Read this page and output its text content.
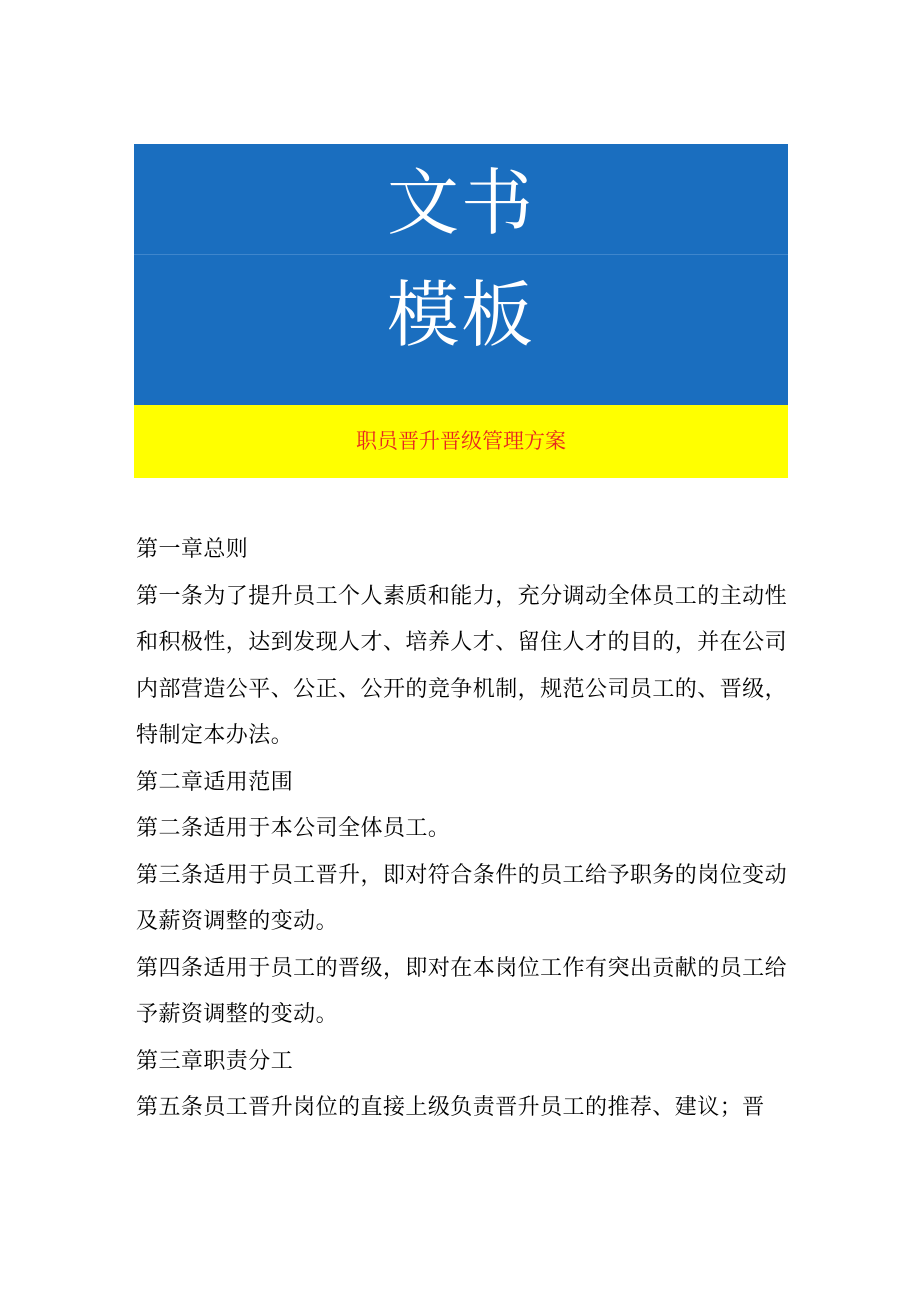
文书
模板
职员晋升晋级管理方案

第一章总则

第一条为了提升员工个人素质和能力，充分调动全体员工的主动性和积极性，达到发现人才、培养人才、留住人才的目的，并在公司内部营造公平、公正、公开的竞争机制，规范公司员工的、晋级，特制定本办法。

第二章适用范围

第二条适用于本公司全体员工。

第三条适用于员工晋升，即对符合条件的员工给予职务的岗位变动及薪资调整的变动。

第四条适用于员工的晋级，即对在本岗位工作有突出贡献的员工给予薪资调整的变动。

第三章职责分工

第五条员工晋升岗位的直接上级负责晋升员工的推荐、建议；晋
